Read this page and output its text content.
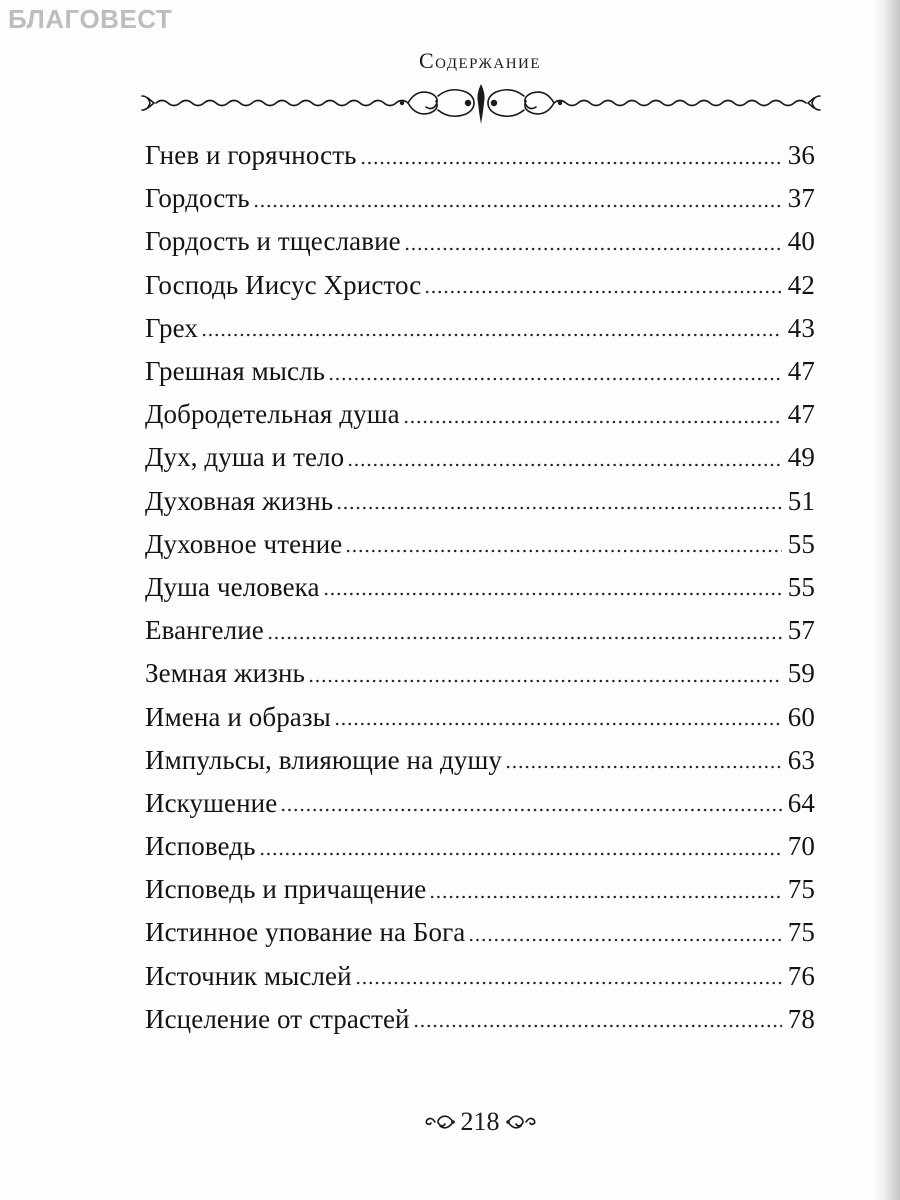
БЛАГОВЕСТ
Содержание
Гнев и горячность	36
Гордость	37
Гордость и тщеславие	40
Господь Иисус Христос	42
Грех	43
Грешная мысль	47
Добродетельная душа	47
Дух, душа и тело	49
Духовная жизнь	51
Духовное чтение	55
Душа человека	55
Евангелие	57
Земная жизнь	59
Имена и образы	60
Импульсы, влияющие на душу	63
Искушение	64
Исповедь	70
Исповедь и причащение	75
Истинное упование на Бога	75
Источник мыслей	76
Исцеление от страстей	78
218
